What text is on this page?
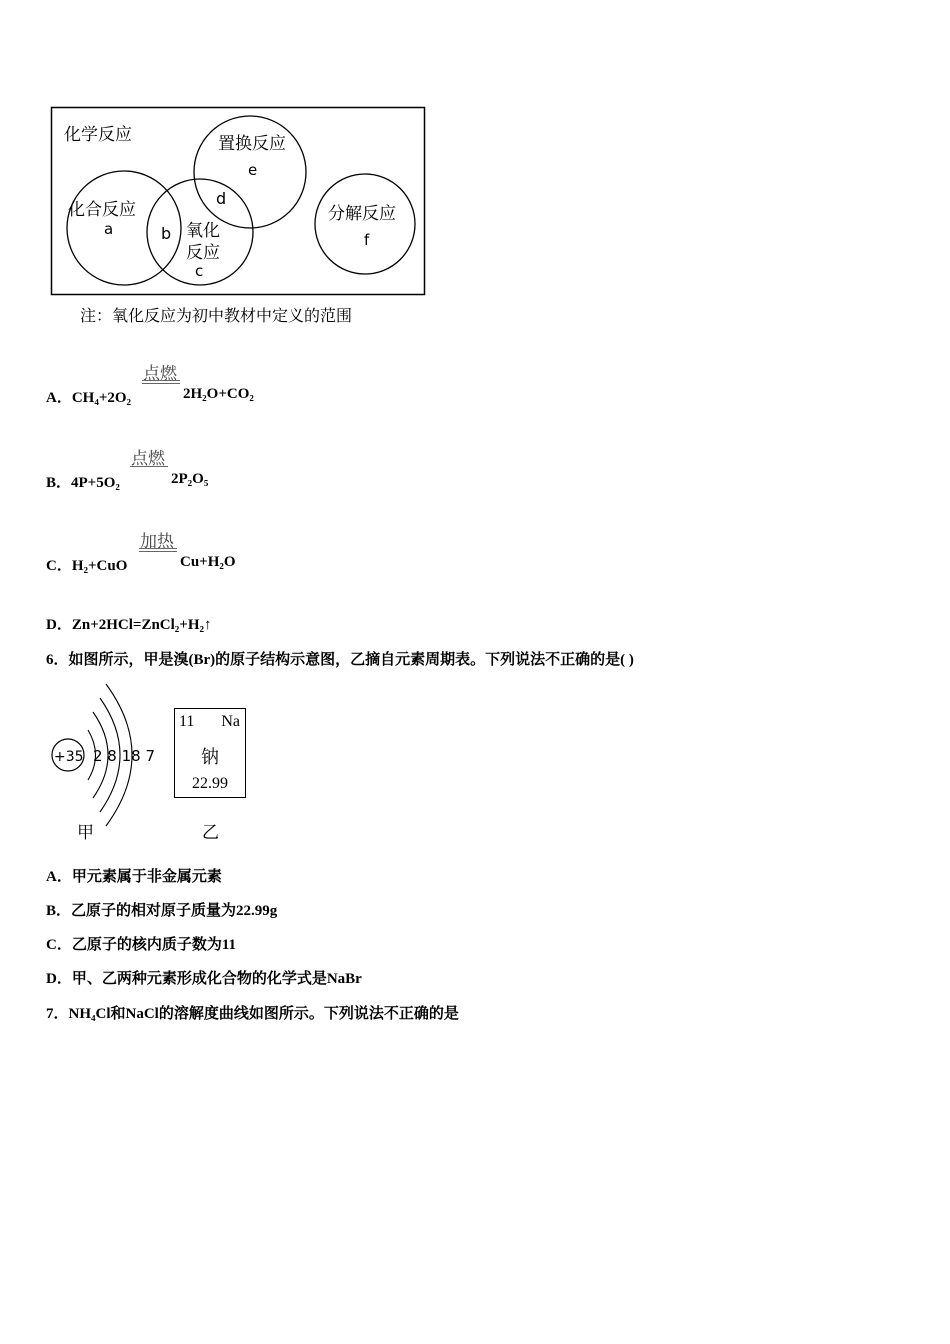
化学反应
化合反应
a	b 氧化
反应
c
d
置换反应
e
分解反应
f
注：氧化反应为初中教材中定义的范围
A．CH₄+2O₂
点燃
2H₂O+CO₂
B．4P+5O₂
点燃
2P₂O₅
C．H₂+CuO
加热
Cu+H₂O
D．Zn+2HCl=ZnCl₂+H₂↑
6．如图所示，甲是溴(Br)的原子结构示意图，乙摘自元素周期表。下列说法不正确的是( )
+35 2 8 18 7
甲
11 Na
钠
22.99
乙
A．甲元素属于非金属元素
B．乙原子的相对原子质量为22.99g
C．乙原子的核内质子数为11
D．甲、乙两种元素形成化合物的化学式是NaBr
7．NH₄Cl和NaCl的溶解度曲线如图所示。下列说法不正确的是
